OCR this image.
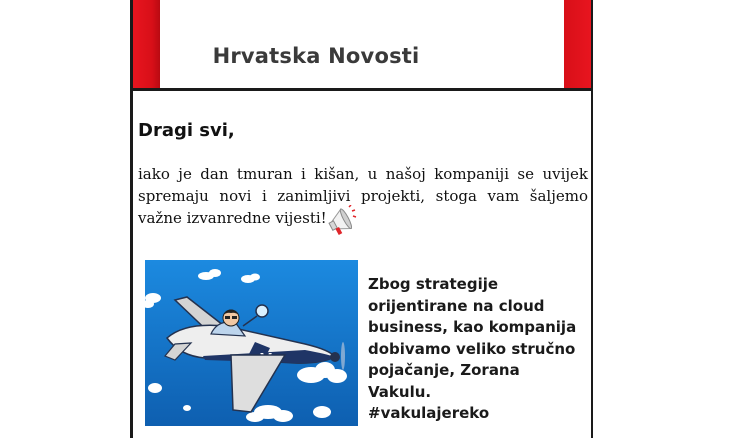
Hrvatska Novosti
Dragi svi,
iako je dan tmuran i kišan, u našoj kompaniji se uvijek spremaju novi i zanimljivi projekti, stoga vam šaljemo važne izvanredne vijesti!
Zbog strategije orijentirane na cloud business, kao kompanija dobivamo veliko stručno pojačanje, Zorana Vakulu.
#vakulajereko
